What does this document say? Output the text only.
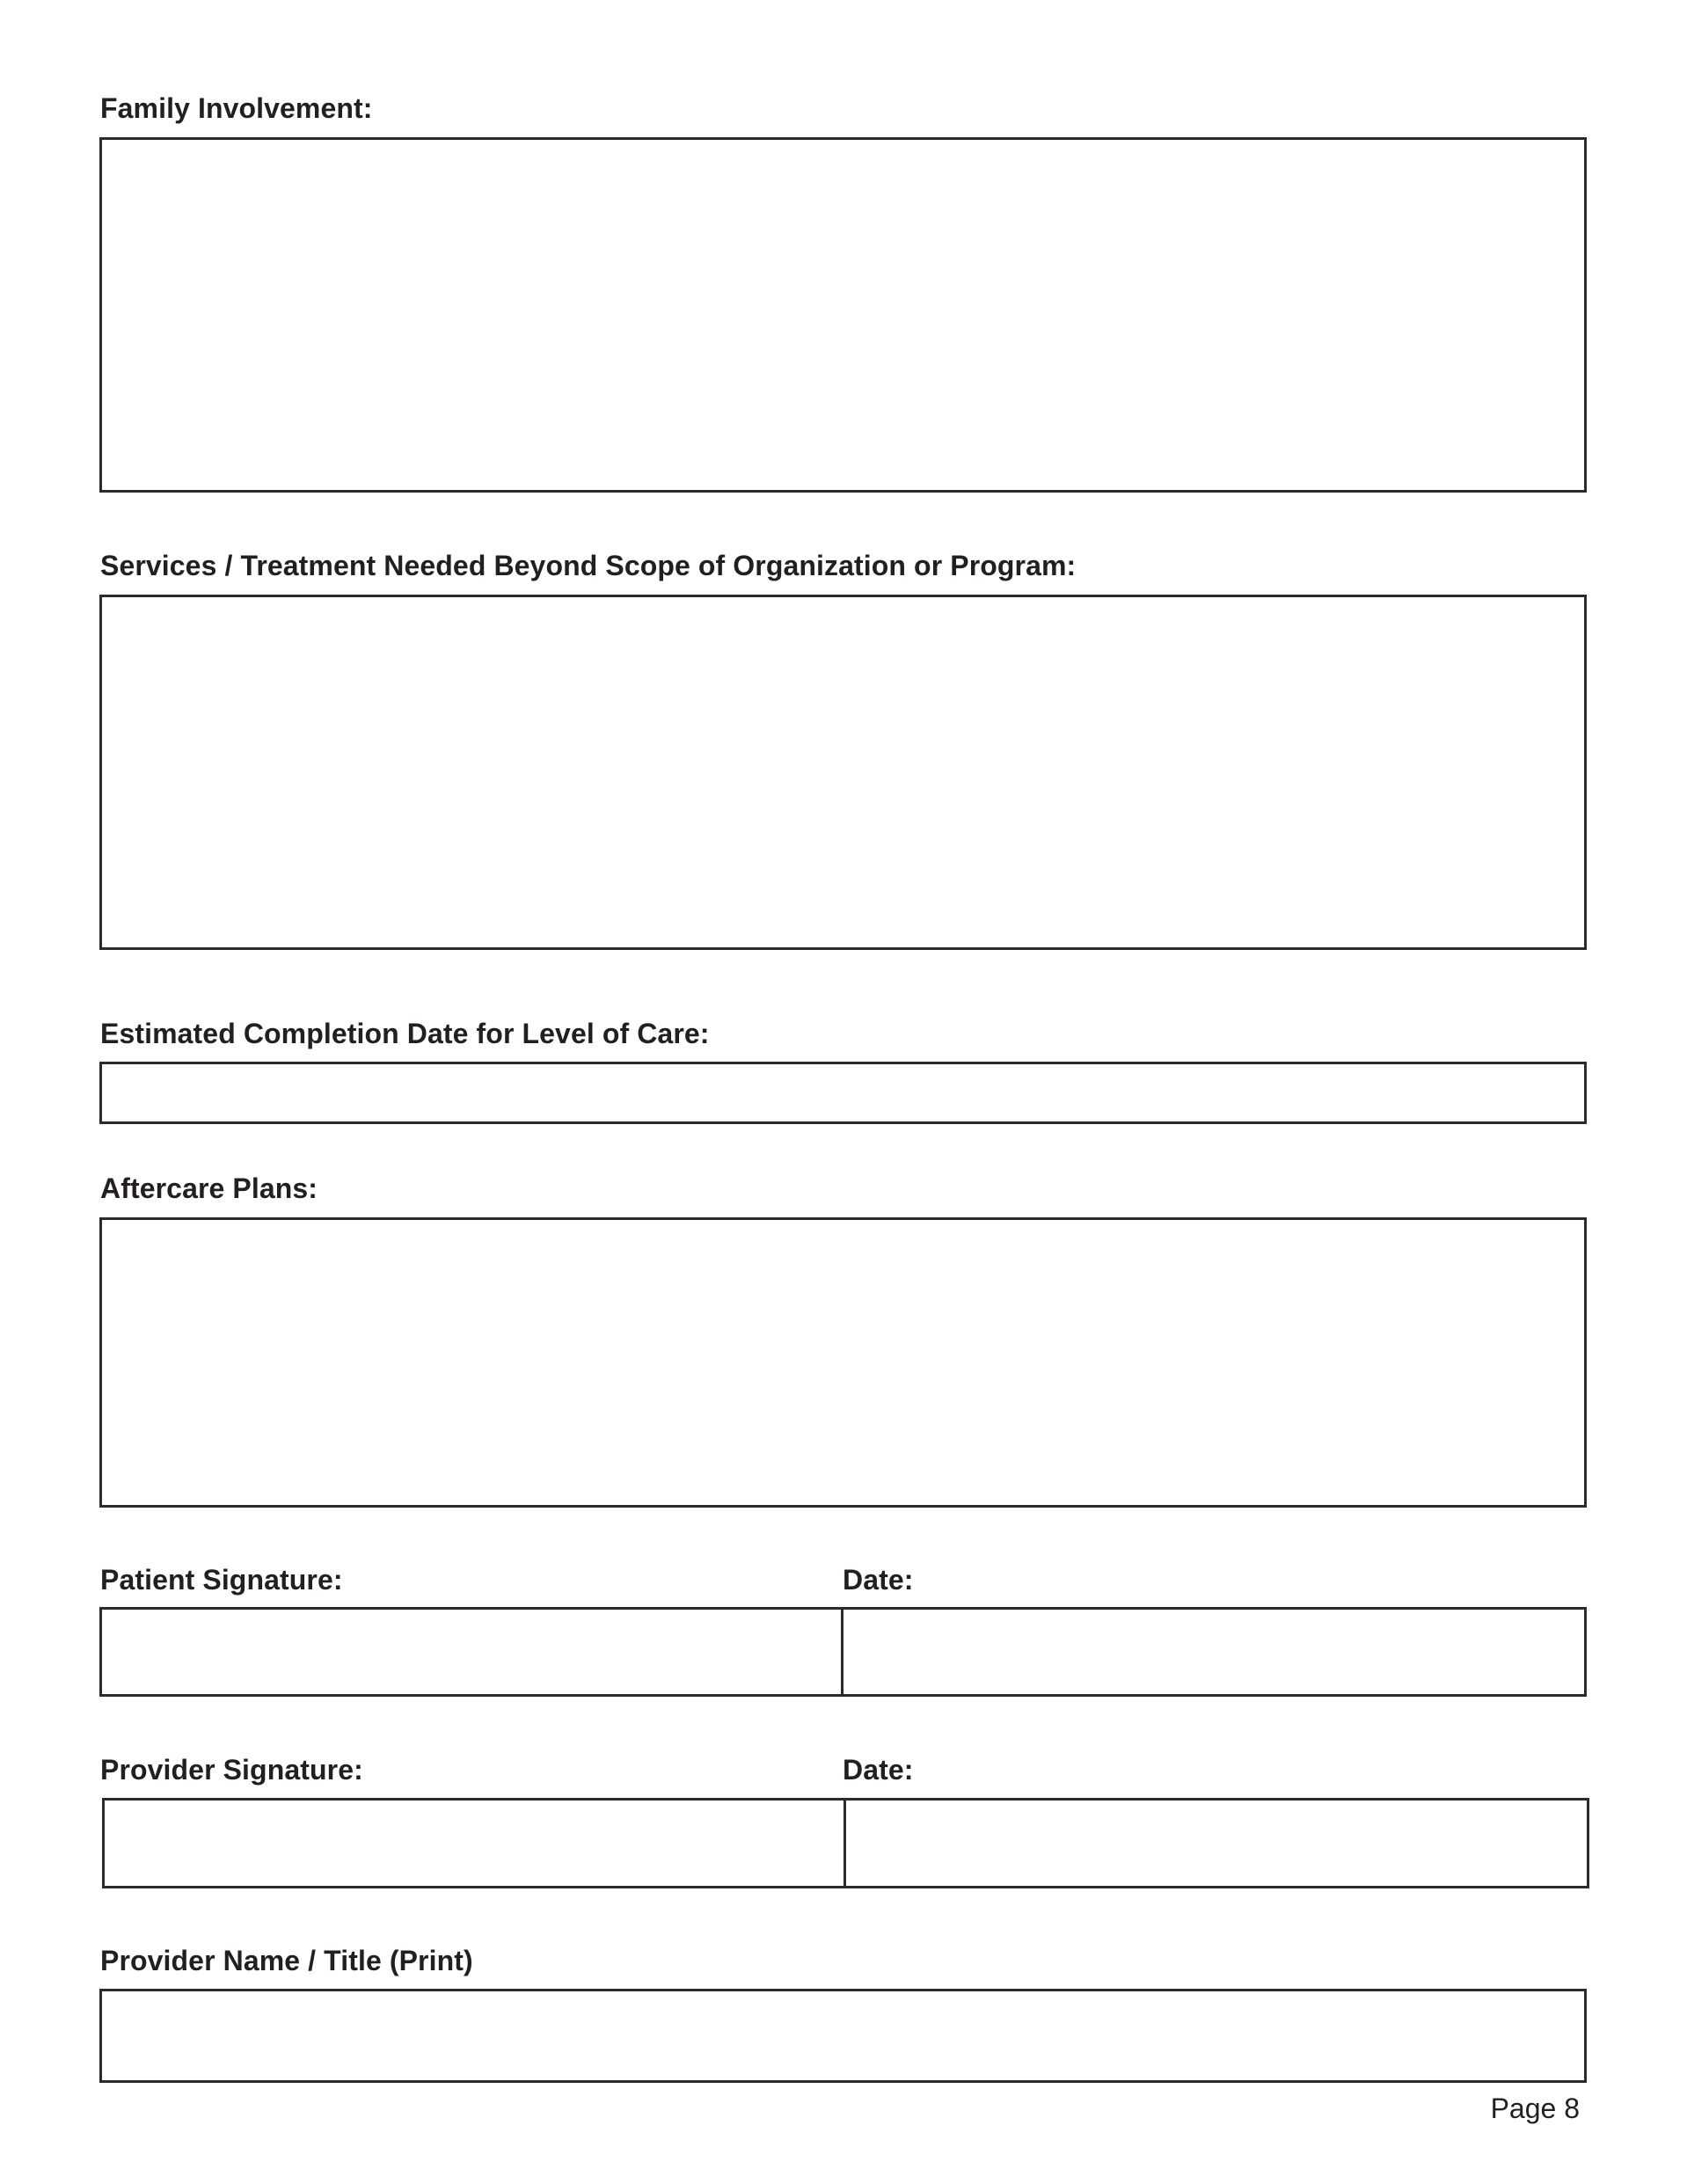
Family Involvement:
Services / Treatment Needed Beyond Scope of Organization or Program:
Estimated Completion Date for Level of Care:
Aftercare Plans:
Patient Signature:	Date:
Provider Signature:	Date:
Provider Name / Title (Print)
Page 8
